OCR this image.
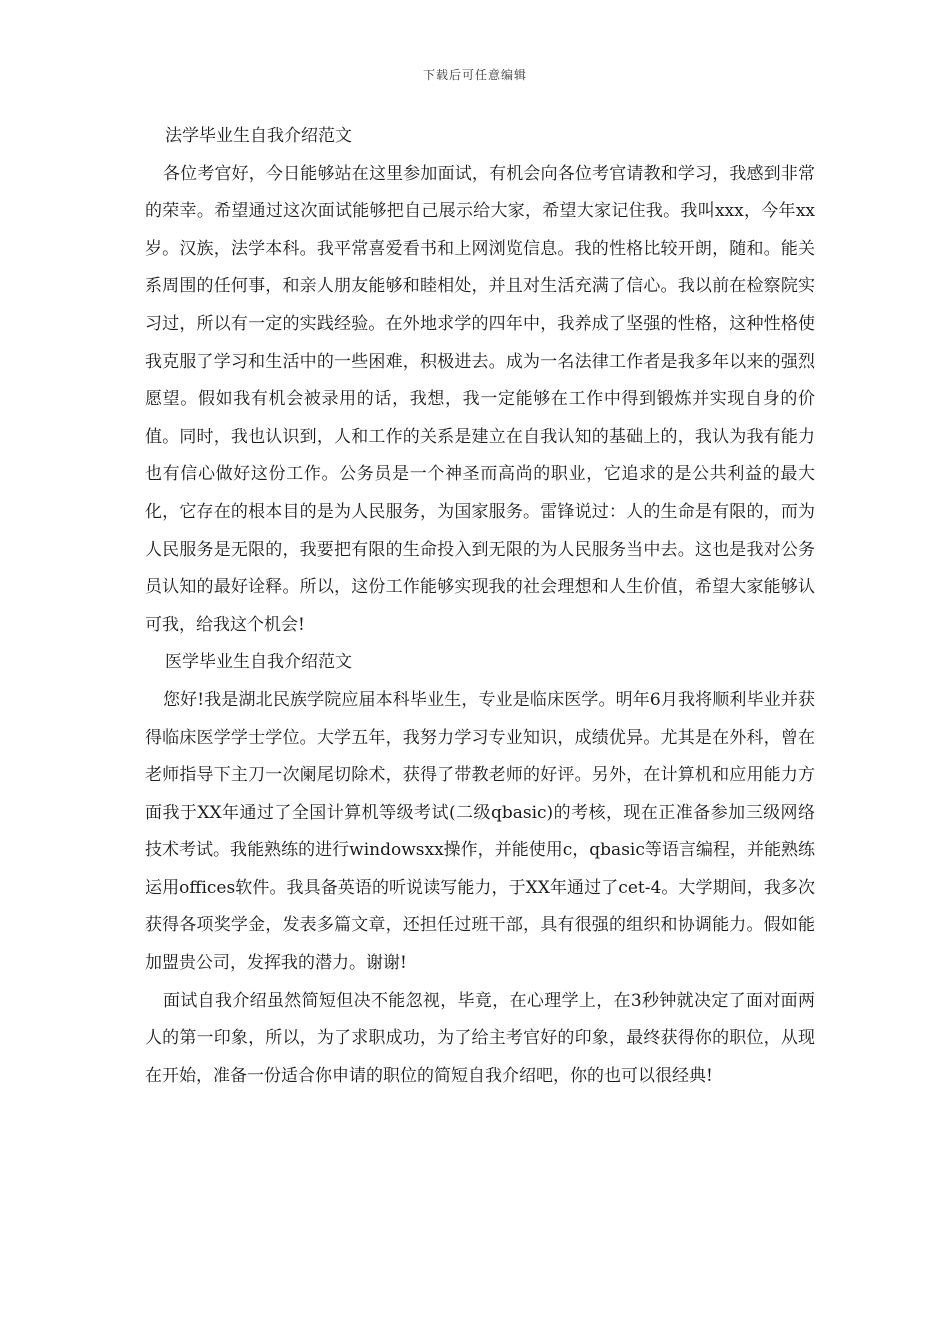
下载后可任意编辑

法学毕业生自我介绍范文

各位考官好，今日能够站在这里参加面试，有机会向各位考官请教和学习，我感到非常的荣幸。希望通过这次面试能够把自己展示给大家，希望大家记住我。我叫xxx，今年xx岁。汉族，法学本科。我平常喜爱看书和上网浏览信息。我的性格比较开朗，随和。能关系周围的任何事，和亲人朋友能够和睦相处，并且对生活充满了信心。我以前在检察院实习过，所以有一定的实践经验。在外地求学的四年中，我养成了坚强的性格，这种性格使我克服了学习和生活中的一些困难，积极进去。成为一名法律工作者是我多年以来的强烈愿望。假如我有机会被录用的话，我想，我一定能够在工作中得到锻炼并实现自身的价值。同时，我也认识到，人和工作的关系是建立在自我认知的基础上的，我认为我有能力也有信心做好这份工作。公务员是一个神圣而高尚的职业，它追求的是公共利益的最大化，它存在的根本目的是为人民服务，为国家服务。雷锋说过：人的生命是有限的，而为人民服务是无限的，我要把有限的生命投入到无限的为人民服务当中去。这也是我对公务员认知的最好诠释。所以，这份工作能够实现我的社会理想和人生价值，希望大家能够认可我，给我这个机会!

医学毕业生自我介绍范文

您好!我是湖北民族学院应届本科毕业生，专业是临床医学。明年6月我将顺利毕业并获得临床医学学士学位。大学五年，我努力学习专业知识，成绩优异。尤其是在外科，曾在老师指导下主刀一次阑尾切除术，获得了带教老师的好评。另外，在计算机和应用能力方面我于XX年通过了全国计算机等级考试(二级qbasic)的考核，现在正准备参加三级网络技术考试。我能熟练的进行windowsxx操作，并能使用c，qbasic等语言编程，并能熟练运用offices软件。我具备英语的听说读写能力，于XX年通过了cet-4。大学期间，我多次获得各项奖学金，发表多篇文章，还担任过班干部，具有很强的组织和协调能力。假如能加盟贵公司，发挥我的潜力。谢谢!

面试自我介绍虽然简短但决不能忽视，毕竟，在心理学上，在3秒钟就决定了面对面两人的第一印象，所以，为了求职成功，为了给主考官好的印象，最终获得你的职位，从现在开始，准备一份适合你申请的职位的简短自我介绍吧，你的也可以很经典!
